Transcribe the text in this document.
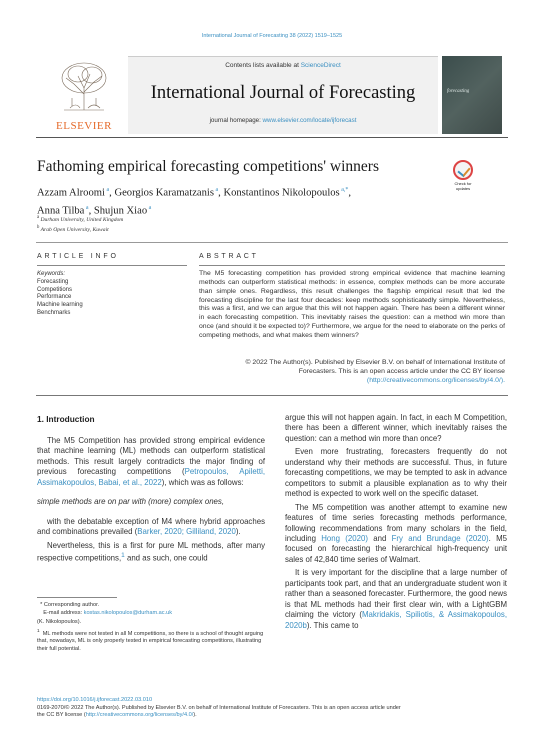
International Journal of Forecasting 38 (2022) 1519–1525
ELSEVIER
Contents lists available at ScienceDirect
International Journal of Forecasting
journal homepage: www.elsevier.com/locate/ijforecast
forecasting
Fathoming empirical forecasting competitions' winners
Azzam Alroomi $^a$, Georgios Karamatzanis $^a$, Konstantinos Nikolopoulos $^{a,*}$,
Anna Tilba $^a$, Shujun Xiao $^a$
Check for updates
$^a$ Durham University, United Kingdom
$^b$ Arab Open University, Kuwait
ARTICLE INFO	ABSTRACT
Keywords:
Forecasting
Competitions
Performance
Machine learning
Benchmarks
The M5 forecasting competition has provided strong empirical evidence that machine learning methods can outperform statistical methods: in essence, complex methods can be more accurate than simple ones. Regardless, this result challenges the flagship empirical result that led the forecasting discipline for the last four decades: keep methods sophisticatedly simple. Nevertheless, this was a first, and we can argue that this will not happen again. There has been a different winner in each forecasting competition. This inevitably raises the question: can a method win more than once (and should it be expected to)? Furthermore, we argue for the need to elaborate on the perks of competing methods, and what makes them winners?
© 2022 The Author(s). Published by Elsevier B.V. on behalf of International Institute of
Forecasters. This is an open access article under the CC BY license
(http://creativecommons.org/licenses/by/4.0/).
1. Introduction

The M5 Competition has provided strong empirical evidence that machine learning (ML) methods can outperform statistical methods. This result largely contradicts the major finding of previous forecasting competitions (Petropoulos, Apiletti, Assimakopoulos, Babai, et al., 2022), which was as follows:

simple methods are on par with (more) complex ones,

with the debatable exception of M4 where hybrid approaches and combinations prevailed (Barker, 2020; Gilliland, 2020).

Nevertheless, this is a first for pure ML methods, after many respective competitions,$^1$ and as such, one could

argue this will not happen again. In fact, in each M Competition, there has been a different winner, which inevitably raises the question: can a method win more than once?

Even more frustrating, forecasters frequently do not understand why their methods are successful. Thus, in future forecasting competitions, we may be tempted to ask in advance competitors to submit a plausible explanation as to why their method is expected to work well on the specific dataset.

The M5 competition was another attempt to examine new features of time series forecasting methods performance, following recommendations from many scholars in the field, including Hong (2020) and Fry and Brundage (2020). M5 focused on forecasting the hierarchical high-frequency unit sales of 42,840 time series of Walmart.

It is very important for the discipline that a large number of participants took part, and that an undergraduate student won it rather than a seasoned forecaster. Furthermore, the good news is that ML methods had their first clear win, with a LightGBM claiming the victory (Makridakis, Spiliotis, & Assimakopoulos, 2020b). This came to

* Corresponding author.
E-mail address: kostas.nikolopoulos@durham.ac.uk
(K. Nikolopoulos).
$^1$  ML methods were not tested in all M competitions, so there is a school of thought arguing that, nowadays, ML is only properly tested in empirical forecasting competitions, illustrating their full potential.
https://doi.org/10.1016/j.ijforecast.2022.03.010
0169-2070/© 2022 The Author(s). Published by Elsevier B.V. on behalf of International Institute of Forecasters. This is an open access article under
the CC BY license (http://creativecommons.org/licenses/by/4.0/).
